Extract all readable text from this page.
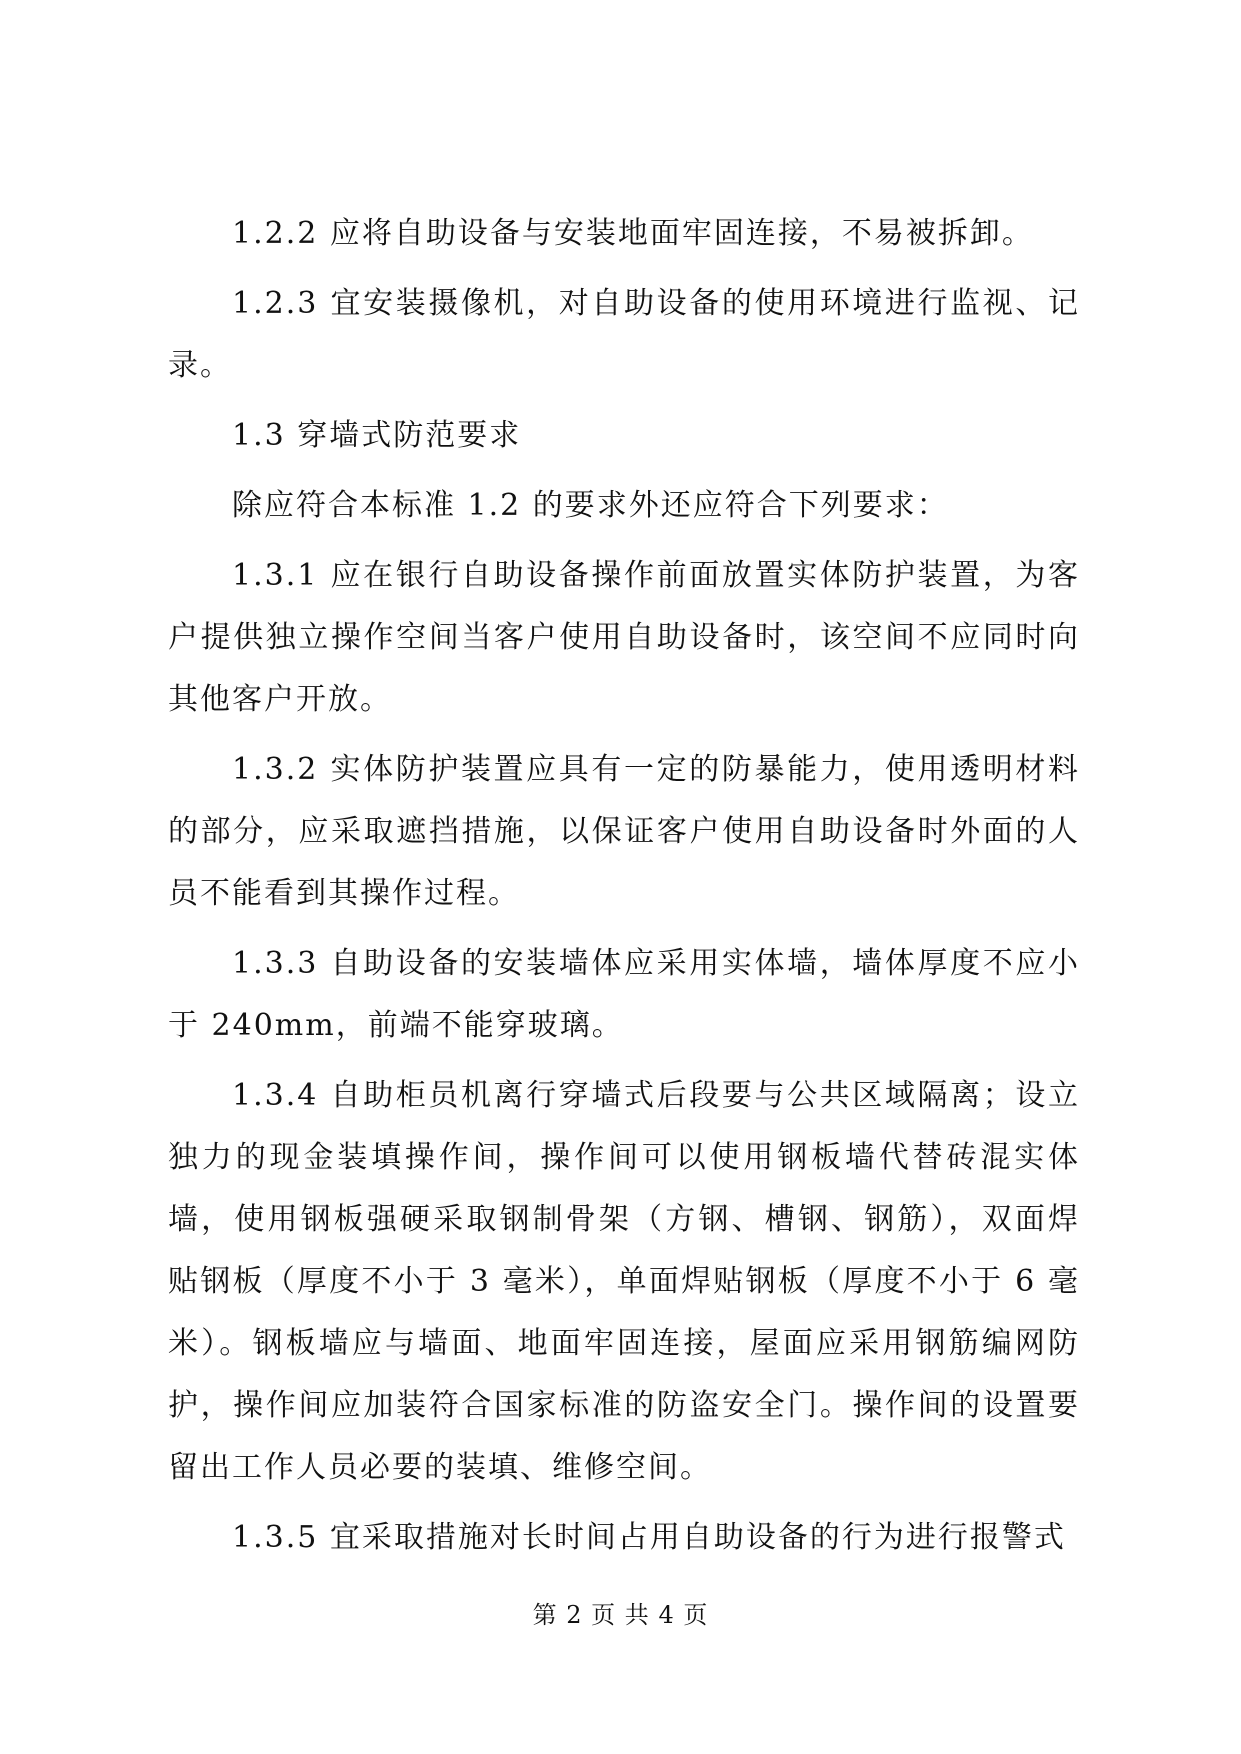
1.2.2 应将自助设备与安装地面牢固连接，不易被拆卸。

1.2.3 宜安装摄像机，对自助设备的使用环境进行监视、记录。

1.3 穿墙式防范要求

除应符合本标准 1.2 的要求外还应符合下列要求：

1.3.1 应在银行自助设备操作前面放置实体防护装置，为客户提供独立操作空间当客户使用自助设备时，该空间不应同时向其他客户开放。

1.3.2 实体防护装置应具有一定的防暴能力，使用透明材料的部分，应采取遮挡措施，以保证客户使用自助设备时外面的人员不能看到其操作过程。

1.3.3 自助设备的安装墙体应采用实体墙，墙体厚度不应小于 240mm，前端不能穿玻璃。

1.3.4 自助柜员机离行穿墙式后段要与公共区域隔离；设立独力的现金装填操作间，操作间可以使用钢板墙代替砖混实体墙，使用钢板强硬采取钢制骨架（方钢、槽钢、钢筋），双面焊贴钢板（厚度不小于 3 毫米），单面焊贴钢板（厚度不小于 6 毫米）。钢板墙应与墙面、地面牢固连接，屋面应采用钢筋编网防护，操作间应加装符合国家标准的防盗安全门。操作间的设置要留出工作人员必要的装填、维修空间。

1.3.5 宜采取措施对长时间占用自助设备的行为进行报警式

第 2 页 共 4 页
